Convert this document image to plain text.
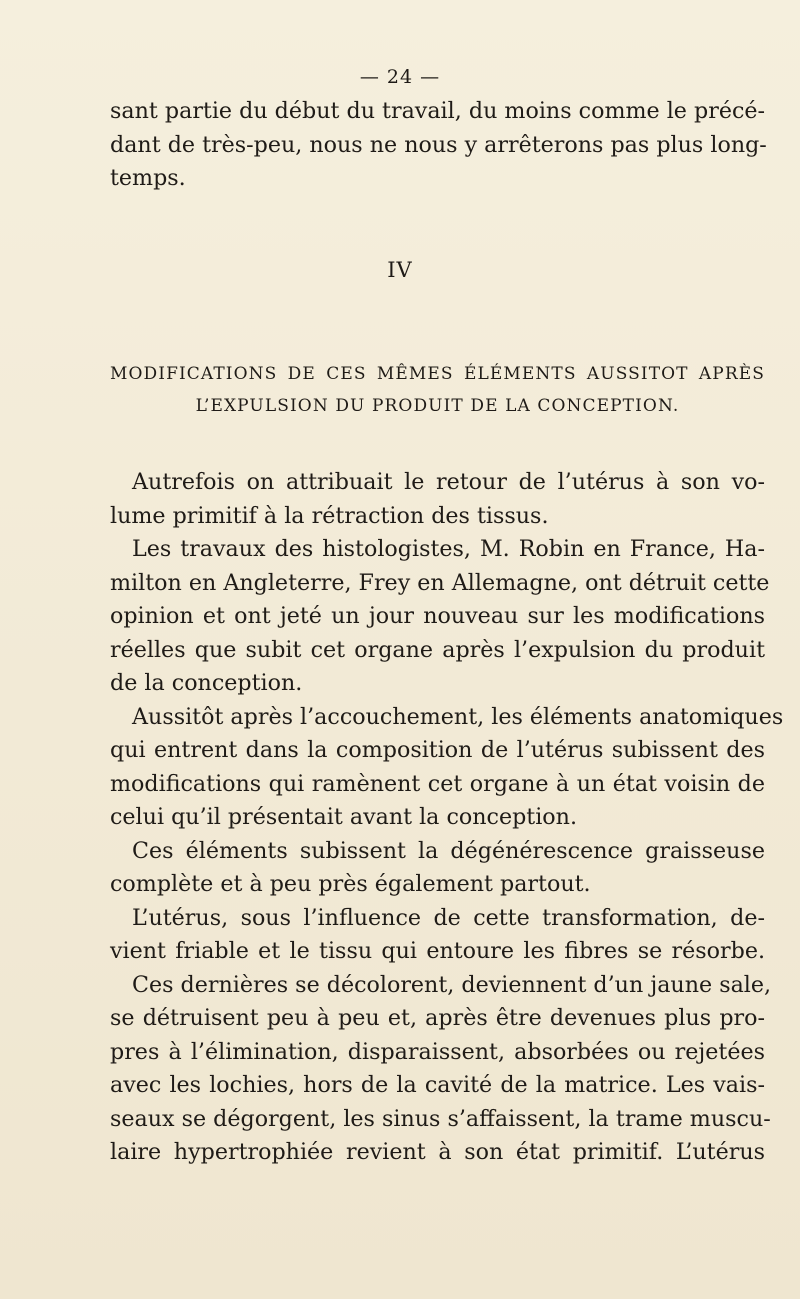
— 24 —
sant partie du début du travail, du moins comme le précé-
dant de très-peu, nous ne nous y arrêterons pas plus long-
temps.
IV
MODIFICATIONS DE CES MÊMES ÉLÉMENTS AUSSITOT APRÈS
L’EXPULSION DU PRODUIT DE LA CONCEPTION.
Autrefois on attribuait le retour de l’utérus à son vo-
lume primitif à la rétraction des tissus.
Les travaux des histologistes, M. Robin en France, Ha-
milton en Angleterre, Frey en Allemagne, ont détruit cette
opinion et ont jeté un jour nouveau sur les modifications
réelles que subit cet organe après l’expulsion du produit
de la conception.
Aussitôt après l’accouchement, les éléments anatomiques
qui entrent dans la composition de l’utérus subissent des
modifications qui ramènent cet organe à un état voisin de
celui qu’il présentait avant la conception.
Ces éléments subissent la dégénérescence graisseuse
complète et à peu près également partout.
L’utérus, sous l’influence de cette transformation, de-
vient friable et le tissu qui entoure les fibres se résorbe.
Ces dernières se décolorent, deviennent d’un jaune sale,
se détruisent peu à peu et, après être devenues plus pro-
pres à l’élimination, disparaissent, absorbées ou rejetées
avec les lochies, hors de la cavité de la matrice. Les vais-
seaux se dégorgent, les sinus s’affaissent, la trame muscu-
laire hypertrophiée revient à son état primitif. L’utérus
